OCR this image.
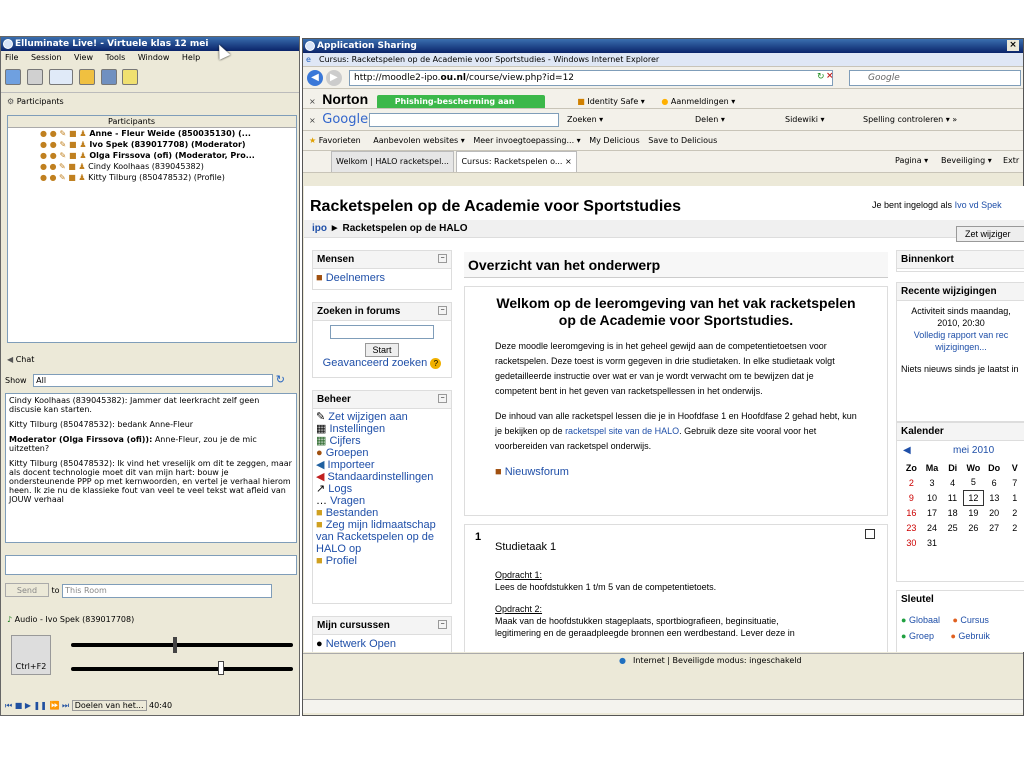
Elluminate Live! - Virtuele klas 12 mei
File Session View Tools Window Help

⚙ Participants
Participants
● ● ✎ ■ ♟ Anne - Fleur Weide (850035130) (...
● ● ✎ ■ ♟ Ivo Spek (839017708) (Moderator)
● ● ✎ ■ ♟ Olga Firssova (ofi) (Moderator, Pro...
● ● ✎ ■ ♟ Cindy Koolhaas (839045382)
● ● ✎ ■ ♟ Kitty Tilburg (850478532) (Profile)
◀ Chat
Show All	↻
Cindy Koolhaas (839045382): Jammer dat leerkracht zelf geen discusie kan starten.
Kitty Tilburg (850478532): bedank Anne-Fleur
Moderator (Olga Firssova (ofi)): Anne-Fleur, zou je de mic uitzetten?
Kitty Tilburg (850478532): Ik vind het vreselijk om dit te zeggen, maar als docent technologie moet dit van mijn hart: bouw je ondersteunende PPP op met kernwoorden, en vertel je verhaal hierom heen. Ik zie nu de klassieke fout van veel te veel tekst wat afleid van JOUW verhaal
Send to This Room
♪ Audio - Ivo Spek (839017708)
Ctrl+F2
⏮ ■ ▶ ❚❚ ⏩ ⏭ Doelen van het... 40:40
Application Sharing	×
e Cursus: Racketspelen op de Academie voor Sportstudies - Windows Internet Explorer
◀ ▶	http://moodle2-ipo.ou.nl/course/view.php?id=12	↻ ×	Google
× Norton	Phishing-bescherming aan	■ Identity Safe ▾ ● Aanmeldingen ▾
× Google	Zoeken ▾	Delen ▾	Sidewiki ▾	Spelling controleren ▾ »
★ Favorieten Aanbevolen websites ▾ Meer invoegtoepassing... ▾ My Delicious Save to Delicious
Welkom | HALO racketspel... Cursus: Racketspelen o... ×	Pagina ▾ Beveiliging ▾ Extr
● Internet | Beveiligde modus: ingeschakeld
Racketspelen op de Academie voor Sportstudies	Je bent ingelogd als Ivo vd Spek
ipo ► Racketspelen op de HALO	Zet wijziger
Mensen	−
■ Deelnemers
Zoeken in forums	−
Start
Geavanceerd zoeken ?
Beheer	−
✎ Zet wijzigen aan
▦ Instellingen
▦ Cijfers
● Groepen
◀ Importeer
◀ Standaardinstellingen
↗ Logs
… Vragen
■ Bestanden
■ Zeg mijn lidmaatschap van Racketspelen op de HALO op
■ Profiel
Mijn cursussen	−
● Netwerk Open
Overzicht van het onderwerp
Welkom op de leeromgeving van het vak racketspelen op de Academie voor Sportstudies.

Deze moodle leeromgeving is in het geheel gewijd aan de competentietoetsen voor racketspelen. Deze toest is vorm gegeven in drie studietaken. In elke studietaak volgt gedetailleerde instructie over wat er van je wordt verwacht om te bewijzen dat je competent bent in het geven van racketspellessen in het onderwijs.

De inhoud van alle racketspel lessen die je in Hoofdfase 1 en Hoofdfase 2 gehad hebt, kun je bekijken op de racketspel site van de HALO. Gebruik deze site vooral voor het voorbereiden van racketspel onderwijs.

■ Nieuwsforum
1
Studietaak 1
Opdracht 1:
Lees de hoofdstukken 1 t/m 5 van de competentietoets.
Opdracht 2:
Maak van de hoofdstukken stageplaats, sportbiografieen, beginsituatie,
legitimering en de geraadpleegde bronnen een werdbestand. Lever deze in
Binnenkort
Recente wijzigingen
Activiteit sinds maandag,
2010, 20:30
Volledig rapport van rec wijzigingen...
Niets nieuws sinds je laatst in
Kalender
◀	mei 2010
Zo	Ma	Di	Wo	Do	V
2	3	4	5	6	7
9	10	11	12	13	1
16	17	18	19	20	2
23	24	25	26	27	2
30	31				
Sleutel
● Globaal ● Cursus
● Groep ● Gebruik
